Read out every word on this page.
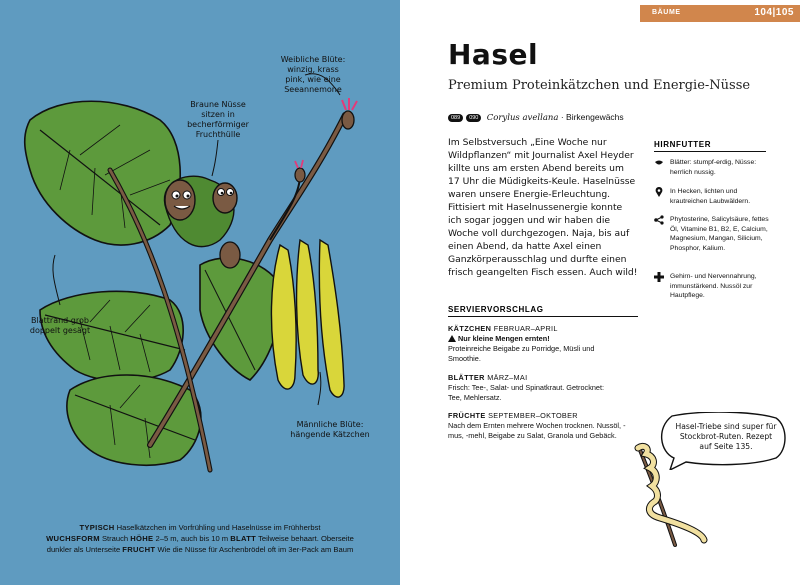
Weibliche Blüte:
winzig, krass
pink, wie eine
Seeannemone
Braune Nüsse
sitzen in
becherförmiger
Fruchthülle
Blattrand grob
doppelt gesägt
Männliche Blüte:
hängende Kätzchen
TYPISCH Haselkätzchen im Vorfrühling und Haselnüsse im Frühherbst
WUCHSFORM Strauch HÖHE 2–5 m, auch bis 10 m BLATT Teilweise behaart. Oberseite
dunkler als Unterseite FRUCHT Wie die Nüsse für Aschenbrödel oft im 3er-Pack am Baum
BÄUME	104|105
Hasel
Premium Proteinkätzchen und Energie-Nüsse
089 090 Corylus avellana · Birkengewächs
Im Selbstversuch „Eine Woche nur Wildpflanzen“ mit Journalist Axel Heyder killte uns am ersten Abend bereits um 17 Uhr die Müdigkeits-Keule. Haselnüsse waren unsere Energie-Erleuchtung. Fittisiert mit Haselnussenergie konnte ich sogar joggen und wir haben die Woche voll durchgezogen. Naja, bis auf einen Abend, da hatte Axel einen Ganzkörperausschlag und durfte einen frisch geangelten Fisch essen. Auch wild!
SERVIERVORSCHLAG
KÄTZCHEN FEBRUAR–APRIL
Nur kleine Mengen ernten!
Proteinreiche Beigabe zu Porridge, Müsli und Smoothie.
BLÄTTER MÄRZ–MAI
Frisch: Tee-, Salat- und Spinatkraut. Getrocknet: Tee, Mehlersatz.
FRÜCHTE SEPTEMBER–OKTOBER
Nach dem Ernten mehrere Wochen trocknen. Nussöl, -mus, -mehl, Beigabe zu Salat, Granola und Gebäck.
HIRNFUTTER
Blätter: stumpf-erdig, Nüsse: herrlich nussig.
In Hecken, lichten und krautreichen Laubwäldern.
Phytosterine, Salicylsäure, fettes Öl, Vitamine B1, B2, E, Calcium, Magnesium, Mangan, Silicium, Phosphor, Kalium.
Gehirn- und Nervennahrung, immunstärkend. Nussöl zur Hautpflege.
Hasel-Triebe sind super für Stockbrot-Ruten. Rezept auf Seite 135.
